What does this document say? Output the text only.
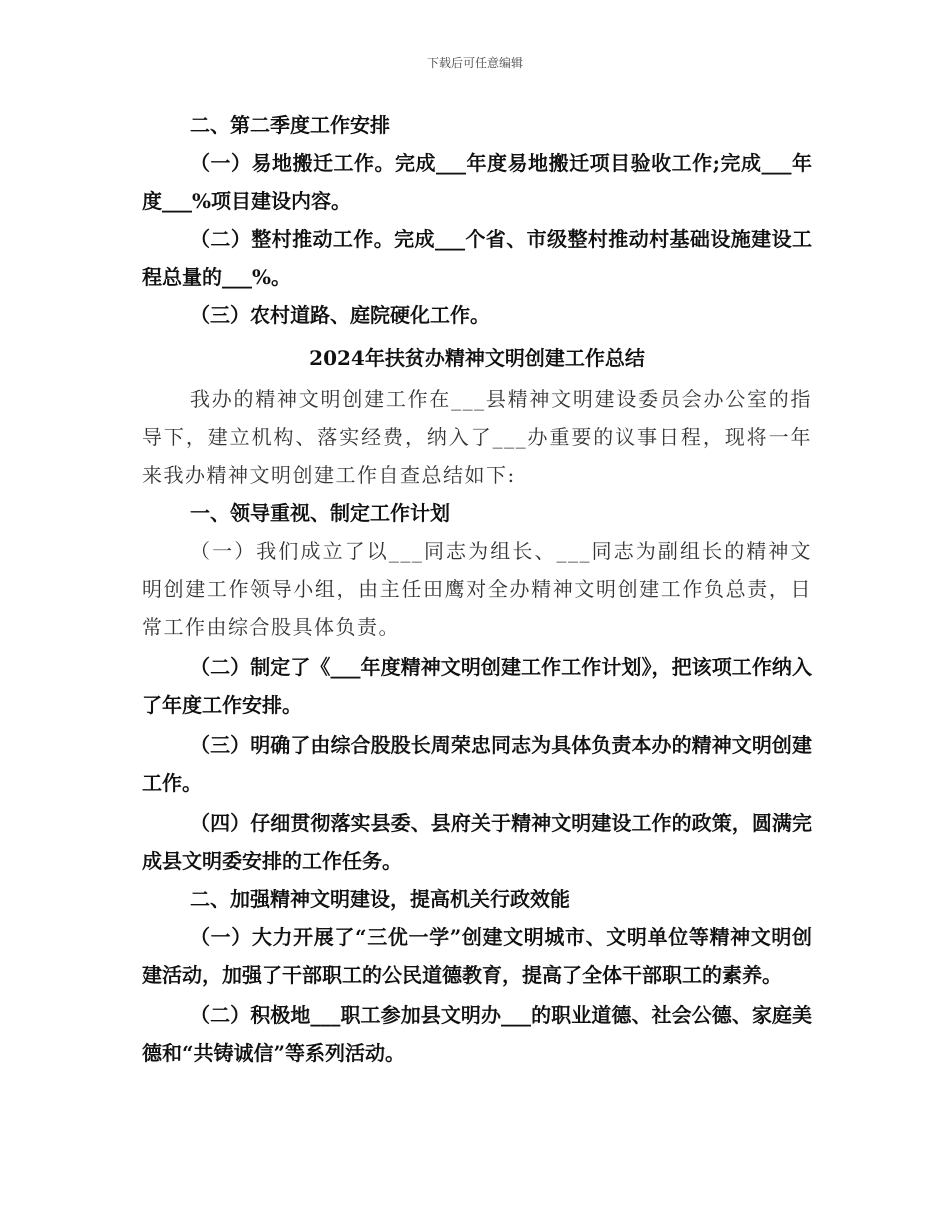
下载后可任意编辑

二、第二季度工作安排

（一）易地搬迁工作。完成___年度易地搬迁项目验收工作;完成___年度___%项目建设内容。

（二）整村推动工作。完成___个省、市级整村推动村基础设施建设工程总量的___%。

（三）农村道路、庭院硬化工作。

2024年扶贫办精神文明创建工作总结

我办的精神文明创建工作在___县精神文明建设委员会办公室的指导下，建立机构、落实经费，纳入了___办重要的议事日程，现将一年来我办精神文明创建工作自查总结如下:

一、领导重视、制定工作计划

（一）我们成立了以___同志为组长、___同志为副组长的精神文明创建工作领导小组，由主任田鹰对全办精神文明创建工作负总责，日常工作由综合股具体负责。

（二）制定了《___年度精神文明创建工作工作计划》，把该项工作纳入了年度工作安排。

（三）明确了由综合股股长周荣忠同志为具体负责本办的精神文明创建工作。

（四）仔细贯彻落实县委、县府关于精神文明建设工作的政策，圆满完成县文明委安排的工作任务。

二、加强精神文明建设，提高机关行政效能

（一）大力开展了“三优一学”创建文明城市、文明单位等精神文明创建活动，加强了干部职工的公民道德教育，提高了全体干部职工的素养。

（二）积极地___职工参加县文明办___的职业道德、社会公德、家庭美德和“共铸诚信”等系列活动。
